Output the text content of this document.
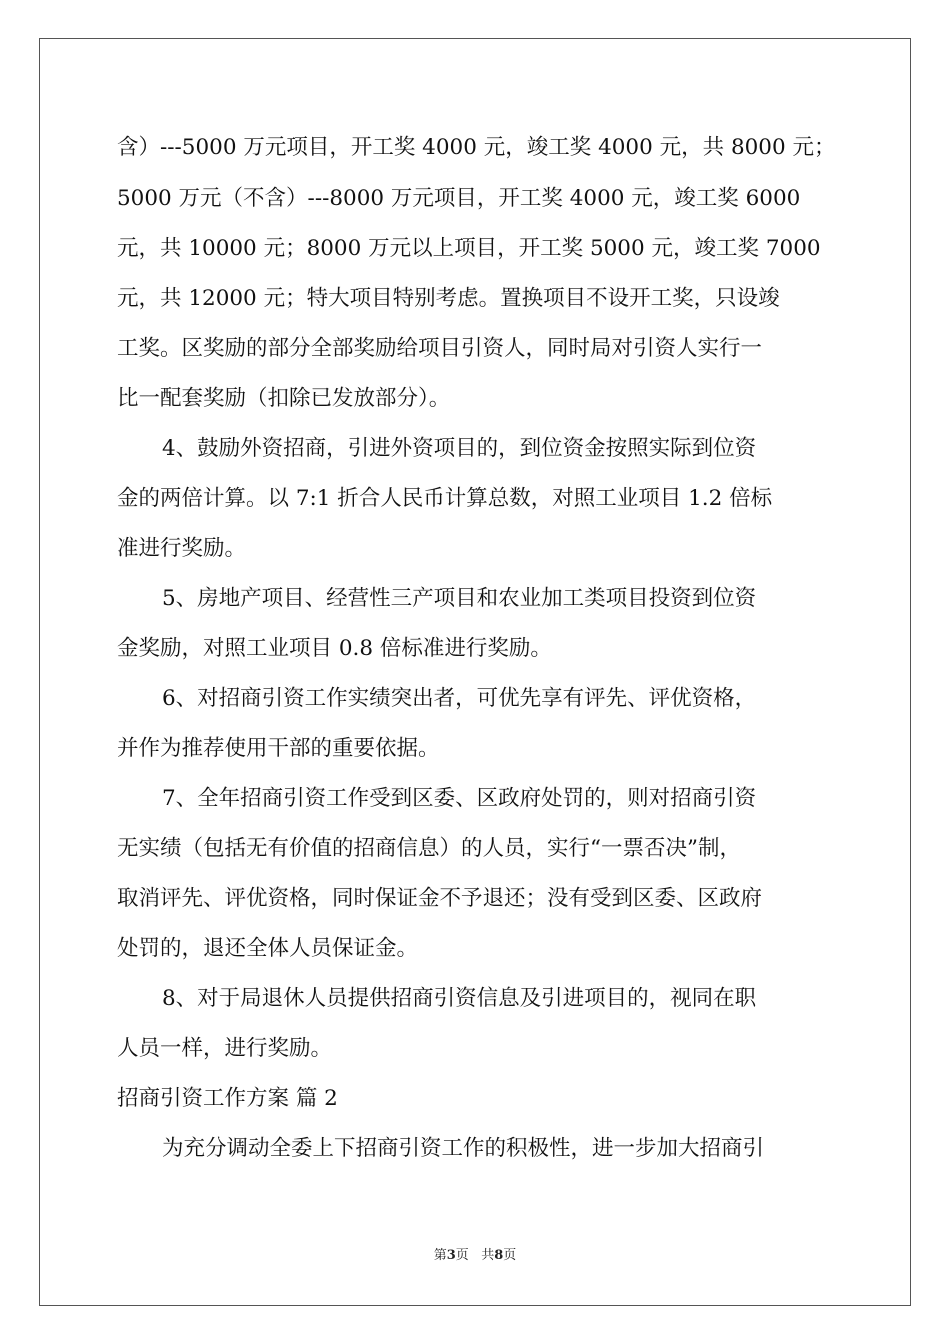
含）---5000 万元项目，开工奖 4000 元，竣工奖 4000 元，共 8000 元；
5000 万元（不含）---8000 万元项目，开工奖 4000 元，竣工奖 6000
元，共 10000 元；8000 万元以上项目，开工奖 5000 元，竣工奖 7000
元，共 12000 元；特大项目特别考虑。置换项目不设开工奖，只设竣
工奖。区奖励的部分全部奖励给项目引资人，同时局对引资人实行一
比一配套奖励（扣除已发放部分）。
4、鼓励外资招商，引进外资项目的，到位资金按照实际到位资
金的两倍计算。以 7:1 折合人民币计算总数，对照工业项目 1.2 倍标
准进行奖励。
5、房地产项目、经营性三产项目和农业加工类项目投资到位资
金奖励，对照工业项目 0.8 倍标准进行奖励。
6、对招商引资工作实绩突出者，可优先享有评先、评优资格，
并作为推荐使用干部的重要依据。
7、全年招商引资工作受到区委、区政府处罚的，则对招商引资
无实绩（包括无有价值的招商信息）的人员，实行“一票否决”制，
取消评先、评优资格，同时保证金不予退还；没有受到区委、区政府
处罚的，退还全体人员保证金。
8、对于局退休人员提供招商引资信息及引进项目的，视同在职
人员一样，进行奖励。
招商引资工作方案 篇 2
为充分调动全委上下招商引资工作的积极性，进一步加大招商引
第3页 共8页
